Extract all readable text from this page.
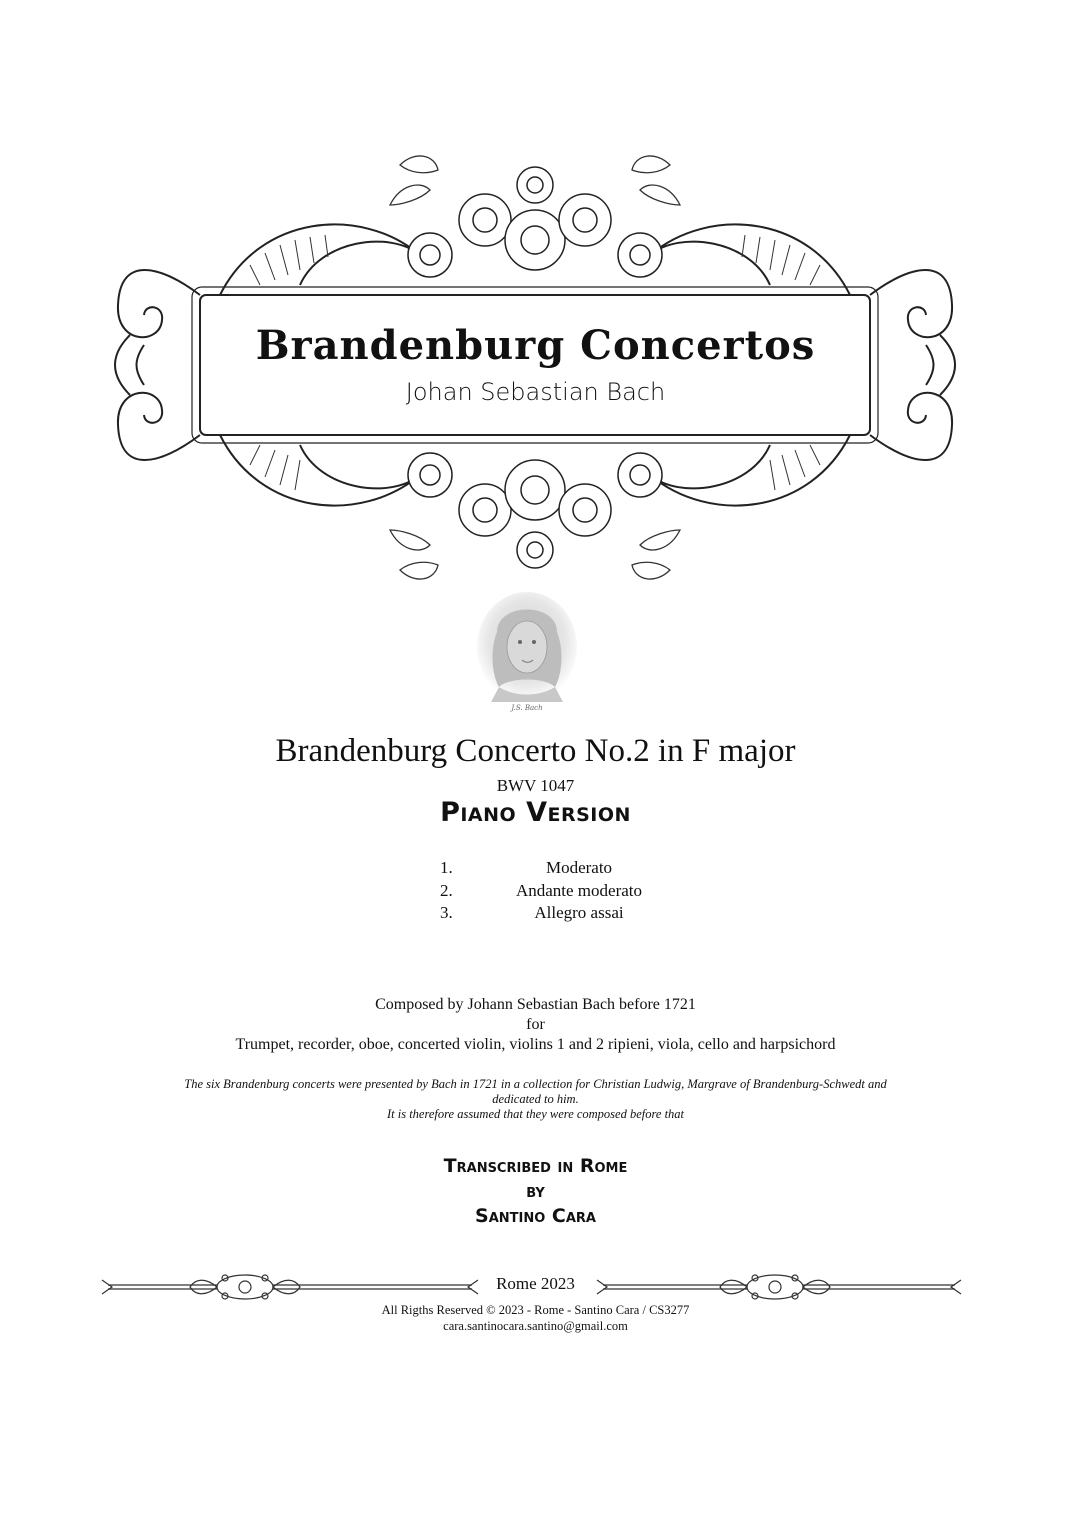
Brandenburg Concertos
Johan Sebastian Bach
J.S. Bach
Brandenburg Concerto No.2 in F major
BWV 1047
Piano Version
1.	Moderato
2.	Andante moderato
3.	Allegro assai
Composed by Johann Sebastian Bach before 1721
for
Trumpet, recorder, oboe, concerted violin, violins 1 and 2 ripieni, viola, cello and harpsichord
The six Brandenburg concerts were presented by Bach in 1721 in a collection for Christian Ludwig, Margrave of Brandenburg-Schwedt and
dedicated to him.
It is therefore assumed that they were composed before that
Transcribed in Rome
by
Santino Cara
Rome 2023
All Rigths Reserved © 2023 - Rome - Santino Cara / CS3277
cara.santinocara.santino@gmail.com
